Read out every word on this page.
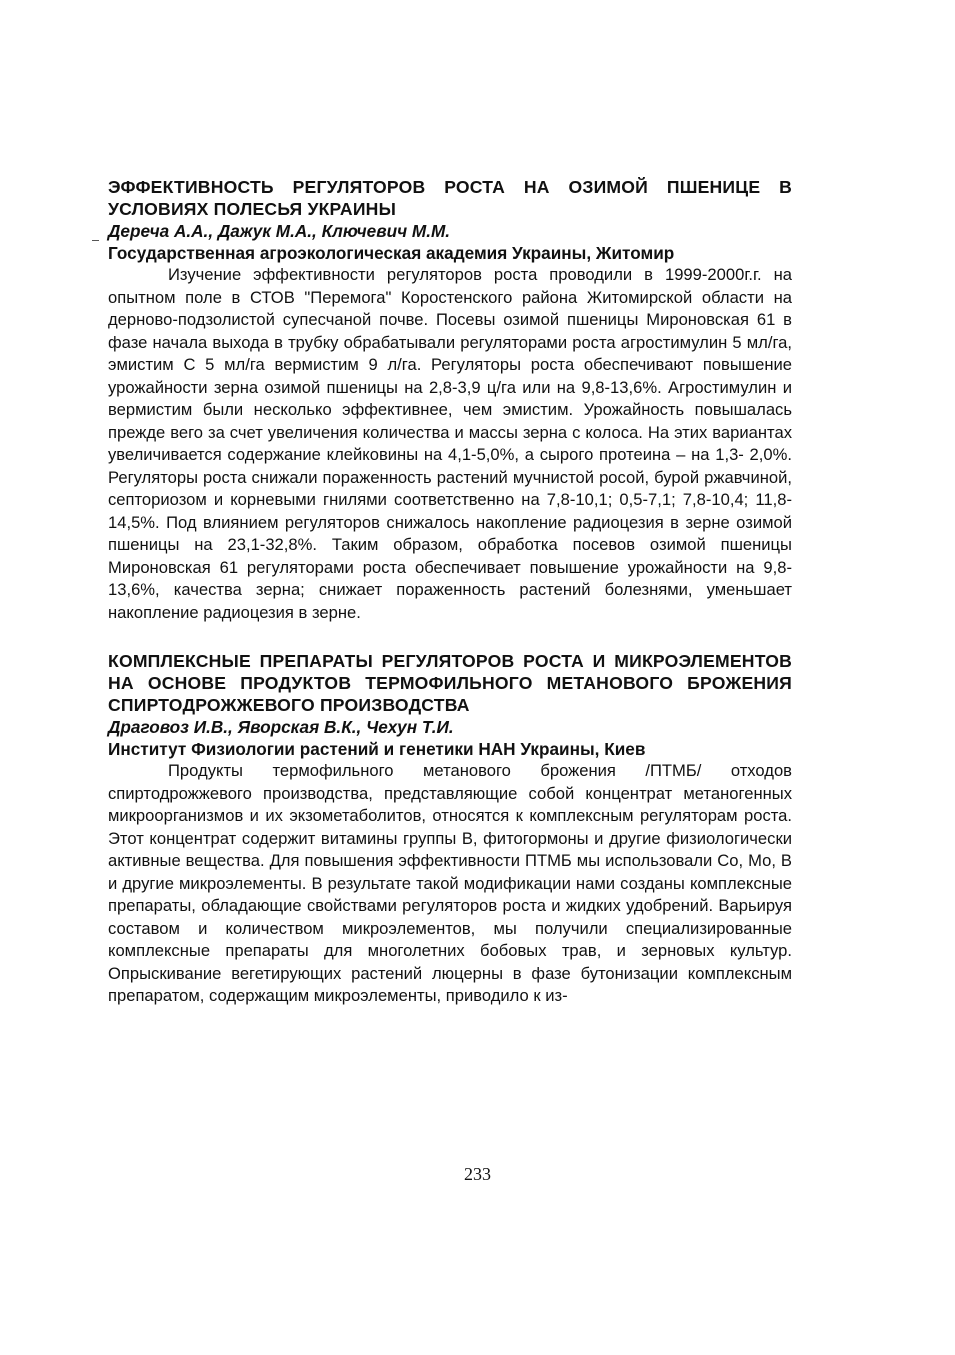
ЭФФЕКТИВНОСТЬ РЕГУЛЯТОРОВ РОСТА НА ОЗИМОЙ ПШЕНИЦЕ В УСЛОВИЯХ ПОЛЕСЬЯ УКРАИНЫ

Дереча А.А., Дажук М.А., Ключевич М.М.

Государственная агроэкологическая академия Украины, Житомир

Изучение эффективности регуляторов роста проводили в 1999-2000г.г. на опытном поле в СТОВ "Перемога" Коростенского района Житомирской области на дерново-подзолистой супесчаной почве. Посевы озимой пшеницы Мироновская 61 в фазе начала выхода в трубку обрабатывали регуляторами роста агростимулин 5 мл/га, эмистим С 5 мл/га вермистим 9 л/га. Регуляторы роста обеспечивают повышение урожайности зерна озимой пшеницы на 2,8-3,9 ц/га или на 9,8-13,6%. Агростимулин и вермистим были несколько эффективнее, чем эмистим. Урожайность повышалась прежде вего за счет увеличения количества и массы зерна с колоса. На этих вариантах увеличивается содержание клейковины на 4,1-5,0%, а сырого протеина – на 1,3- 2,0%. Регуляторы роста снижали пораженность растений мучнистой росой, бурой ржавчиной, септориозом и корневыми гнилями соответственно на 7,8-10,1; 0,5-7,1; 7,8-10,4; 11,8-14,5%. Под влиянием регуляторов снижалось накопление радиоцезия в зерне озимой пшеницы на 23,1-32,8%. Таким образом, обработка посевов озимой пшеницы Мироновская 61 регуляторами роста обеспечивает повышение урожайности на 9,8-13,6%, качества зерна; снижает пораженность растений болезнями, уменьшает накопление радиоцезия в зерне.

КОМПЛЕКСНЫЕ ПРЕПАРАТЫ РЕГУЛЯТОРОВ РОСТА И МИКРОЭЛЕМЕНТОВ НА ОСНОВЕ ПРОДУКТОВ ТЕРМОФИЛЬНОГО МЕТАНОВОГО БРОЖЕНИЯ СПИРТОДРОЖЖЕВОГО ПРОИЗВОДСТВА

Драговоз И.В., Яворская В.К., Чехун Т.И.

Институт Физиологии растений и генетики НАН Украины, Киев

Продукты термофильного метанового брожения /ПТМБ/ отходов спиртодрожжевого производства, представляющие собой концентрат метаногенных микроорганизмов и их экзометаболитов, относятся к комплексным регуляторам роста. Этот концентрат содержит витамины группы В, фитогормоны и другие физиологически активные вещества. Для повышения эффективности ПТМБ мы использовали Со, Мо, В и другие микроэлементы. В результате такой модификации нами созданы комплексные препараты, обладающие свойствами регуляторов роста и жидких удобрений. Варьируя составом и количеством микроэлементов, мы получили специализированные комплексные препараты для многолетних бобовых трав, и зерновых культур. Опрыскивание вегетирующих растений люцерны в фазе бутонизации комплексным препаратом, содержащим микроэлементы, приводило к из-

233
